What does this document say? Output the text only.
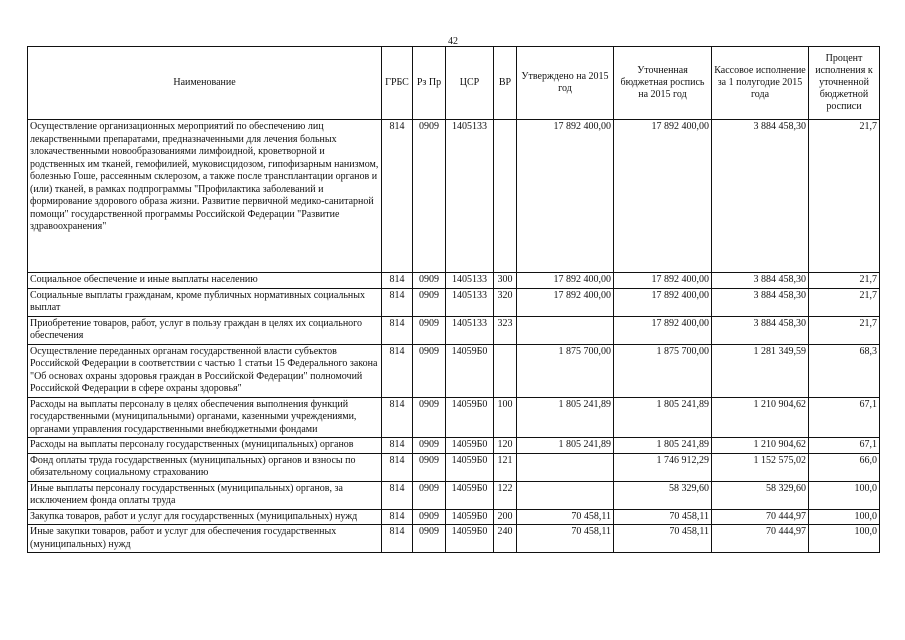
42
Наименование	ГРБС	Рз Пр	ЦСР	ВР	Утверждено на 2015 год	Уточненная бюджетная роспись на 2015 год	Кассовое исполнение за 1 полугодие 2015 года	Процент исполнения к уточненной бюджетной росписи
Осуществление организационных мероприятий по обеспечению лиц лекарственными препаратами, предназначенными для лечения больных злокачественными новообразованиями лимфоидной, кроветворной и родственных им тканей, гемофилией, муковисцидозом, гипофизарным нанизмом, болезнью Гоше, рассеянным склерозом, а также после трансплантации органов и (или) тканей, в рамках подпрограммы "Профилактика заболеваний и формирование здорового образа жизни. Развитие первичной медико-санитарной помощи" государственной программы Российской Федерации "Развитие здравоохранения"	814	0909	1405133		17 892 400,00	17 892 400,00	3 884 458,30	21,7
Социальное обеспечение и иные выплаты населению	814	0909	1405133	300	17 892 400,00	17 892 400,00	3 884 458,30	21,7
Социальные выплаты гражданам, кроме публичных нормативных социальных выплат	814	0909	1405133	320	17 892 400,00	17 892 400,00	3 884 458,30	21,7
Приобретение товаров, работ, услуг в пользу граждан в целях их социального обеспечения	814	0909	1405133	323		17 892 400,00	3 884 458,30	21,7
Осуществление переданных органам государственной власти субъектов Российской Федерации в соответствии с частью 1 статьи 15 Федерального закона "Об основах охраны здоровья граждан в Российской Федерации" полномочий Российской Федерации в сфере охраны здоровья"	814	0909	14059Б0		1 875 700,00	1 875 700,00	1 281 349,59	68,3
Расходы на выплаты персоналу в целях обеспечения выполнения функций государственными (муниципальными) органами, казенными учреждениями, органами управления государственными внебюджетными фондами	814	0909	14059Б0	100	1 805 241,89	1 805 241,89	1 210 904,62	67,1
Расходы на выплаты персоналу государственных (муниципальных) органов	814	0909	14059Б0	120	1 805 241,89	1 805 241,89	1 210 904,62	67,1
Фонд оплаты труда государственных (муниципальных) органов и взносы по обязательному социальному страхованию	814	0909	14059Б0	121		1 746 912,29	1 152 575,02	66,0
Иные выплаты персоналу государственных (муниципальных) органов, за исключением фонда оплаты труда	814	0909	14059Б0	122		58 329,60	58 329,60	100,0
Закупка товаров, работ и услуг для государственных (муниципальных) нужд	814	0909	14059Б0	200	70 458,11	70 458,11	70 444,97	100,0
Иные закупки товаров, работ и услуг для обеспечения государственных (муниципальных) нужд	814	0909	14059Б0	240	70 458,11	70 458,11	70 444,97	100,0
